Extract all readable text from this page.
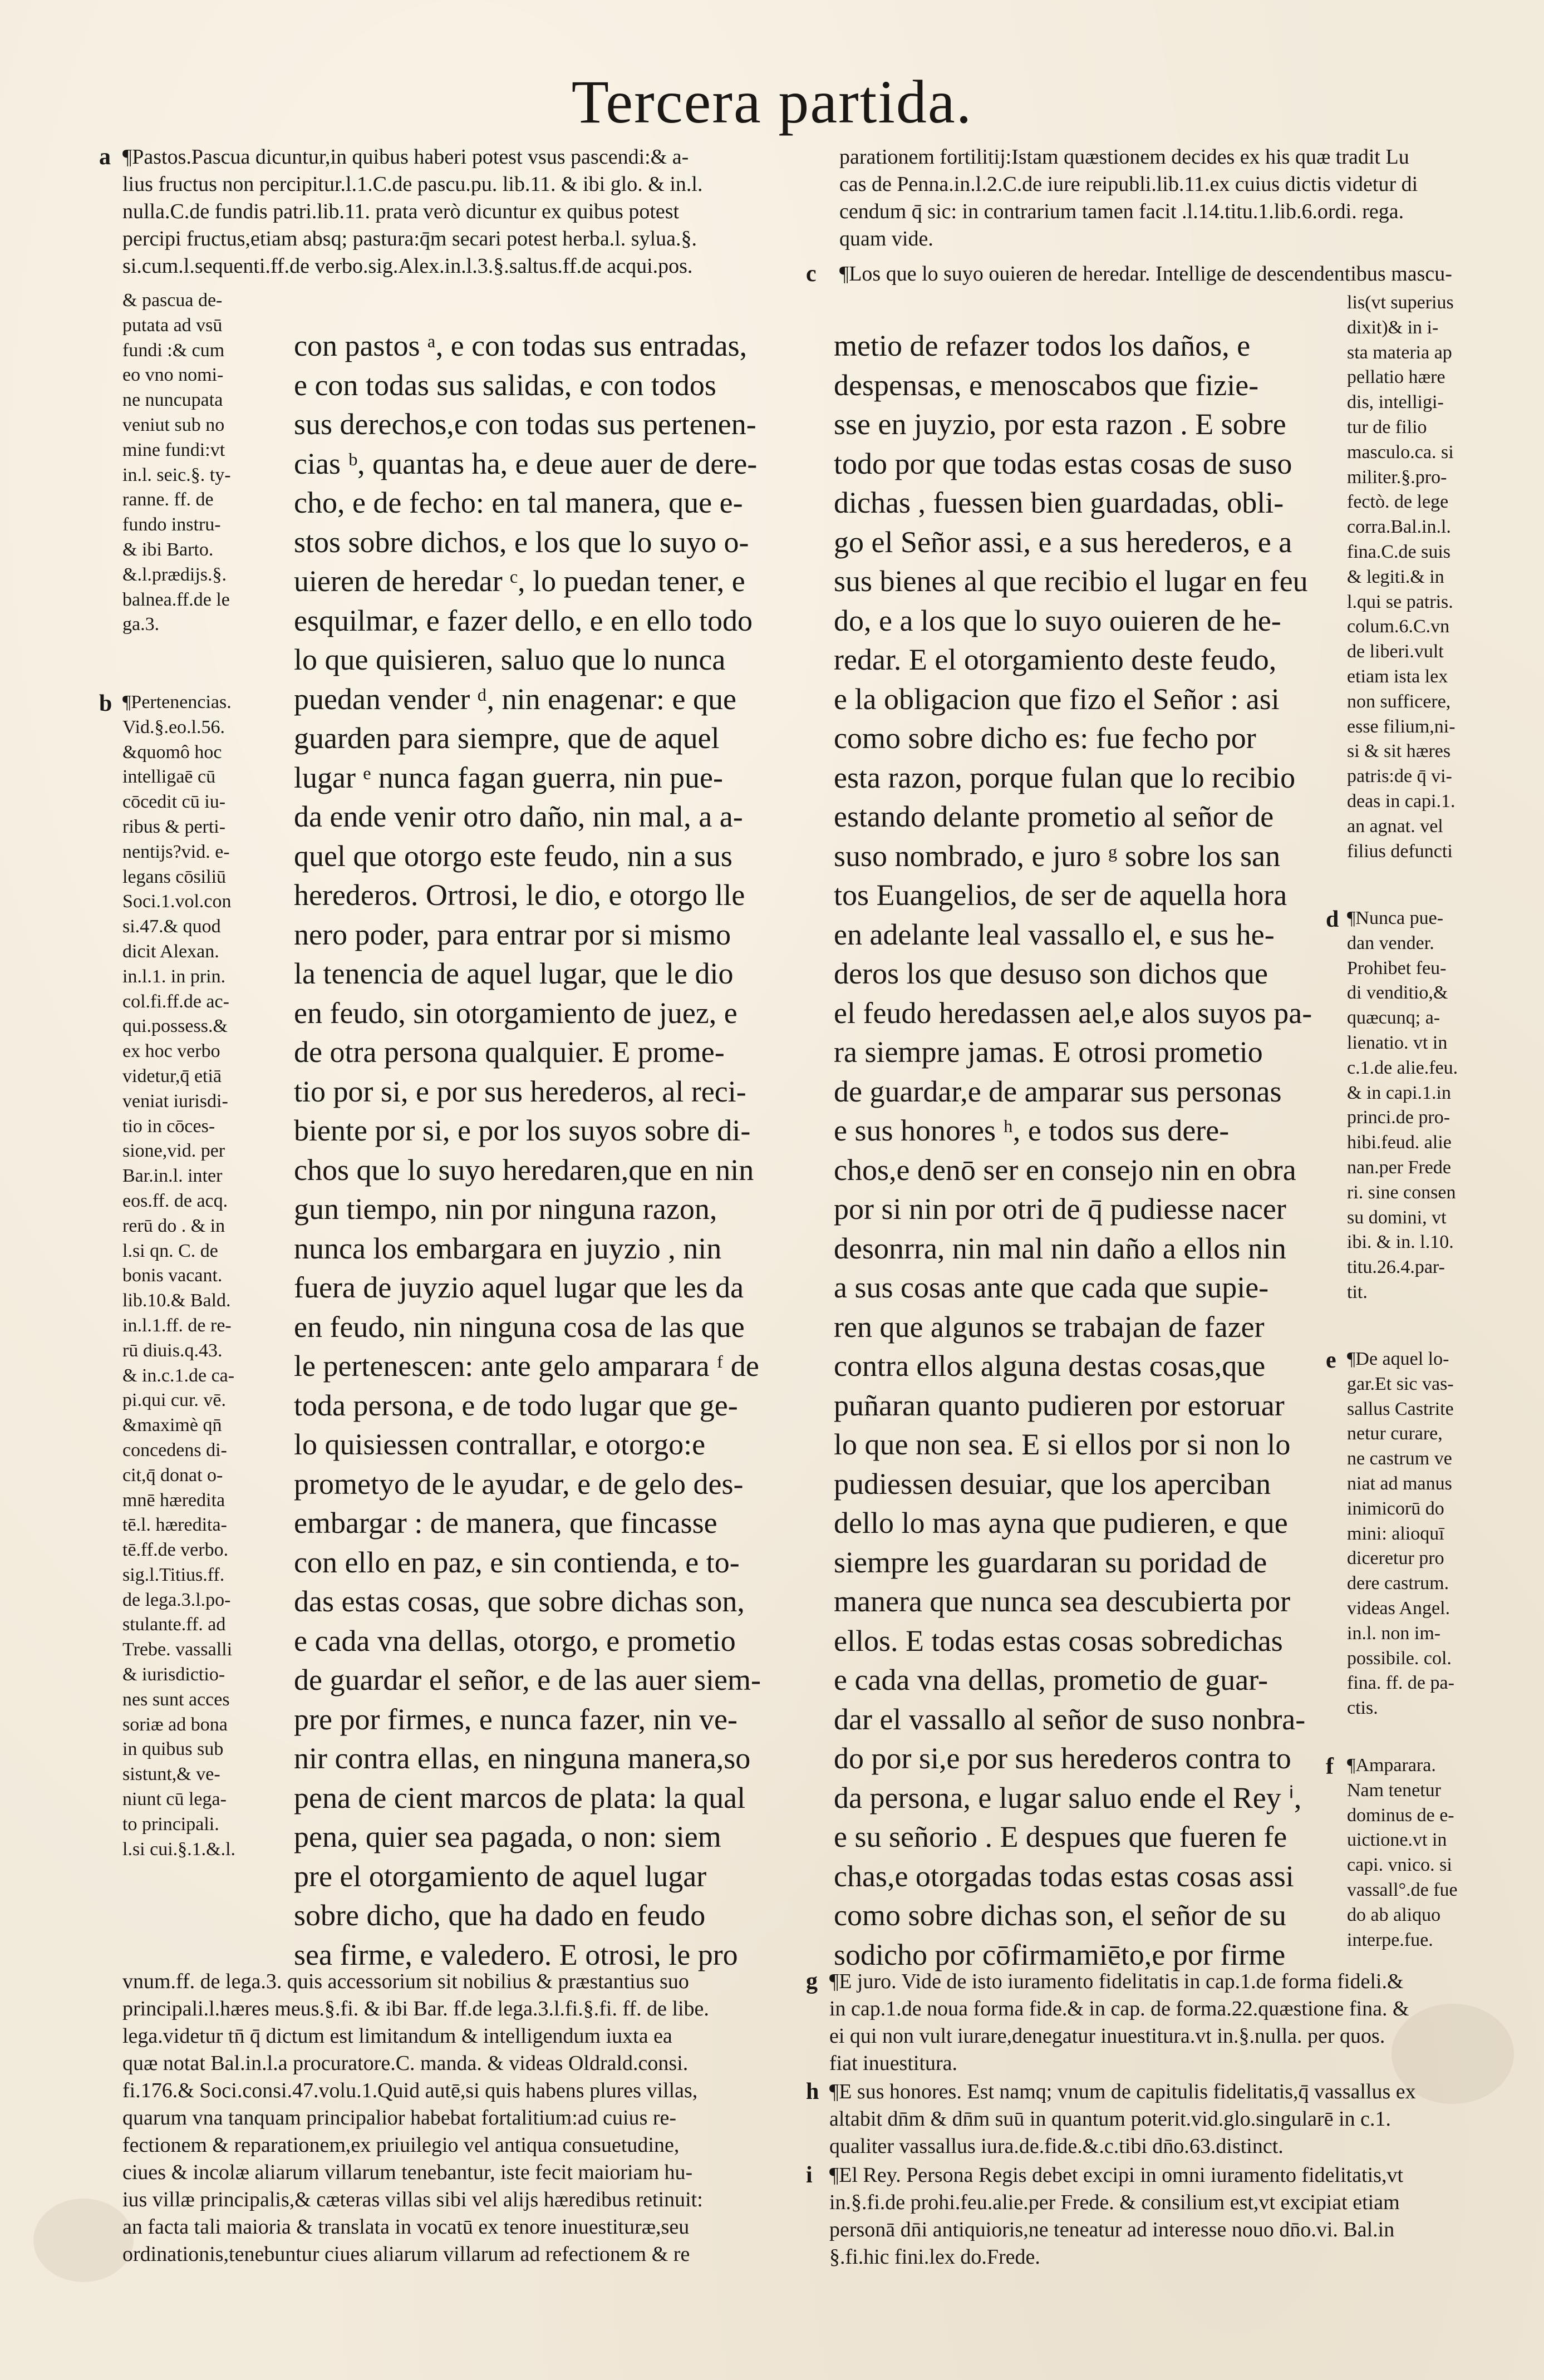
Tercera partida.
a ¶Pastos.Pascua dicuntur,in quibus haberi potest vsus pascendi:& a-
lius fructus non percipitur.l.1.C.de pascu.pu. lib.11. & ibi glo. & in.l.
nulla.C.de fundis patri.lib.11. prata verò dicuntur ex quibus potest
percipi fructus,etiam absq; pastura:q̄m secari potest herba.l. sylua.§.
si.cum.l.sequenti.ff.de verbo.sig.Alex.in.l.3.§.saltus.ff.de acqui.pos.
parationem fortilitij:Istam quæstionem decides ex his quæ tradit Lu
cas de Penna.in.l.2.C.de iure reipubli.lib.11.ex cuius dictis videtur di
cendum q̄ sic: in contrarium tamen facit .l.14.titu.1.lib.6.ordi. rega.
quam vide.
c ¶Los que lo suyo ouieren de heredar. Intellige de descendentibus mascu-
lis(vt superius
dixit)& in i-
sta materia ap
pellatio hære
dis, intelligi-
tur de filio
masculo.ca. si
militer.§.pro-
fectò. de lege
corra.Bal.in.l.
fina.C.de suis
& legiti.& in
l.qui se patris.
colum.6.C.vn
de liberi.vult
etiam ista lex
non sufficere,
esse filium,ni-
si & sit hæres
patris:de q̄ vi-
deas in capi.1.
an agnat. vel
filius defuncti
& pascua de-
putata ad vsū
fundi :& cum
eo vno nomi-
ne nuncupata
veniut sub no
mine fundi:vt
in.l. seic.§. ty-
ranne. ff. de
fundo instru-
& ibi Barto.
&.l.prædijs.§.
balnea.ff.de le
ga.3.
b ¶Pertenencias.
Vid.§.eo.l.56.
&quomô hoc
intelligaē cū
cōcedit cū iu-
ribus & perti-
nentijs?vid. e-
legans cōsiliū
Soci.1.vol.con
si.47.& quod
dicit Alexan.
in.l.1. in prin.
col.fi.ff.de ac-
qui.possess.&
ex hoc verbo
videtur,q̄ etiā
veniat iurisdi-
tio in cōces-
sione,vid. per
Bar.in.l. inter
eos.ff. de acq.
rerū do . & in
l.si qn. C. de
bonis vacant.
lib.10.& Bald.
in.l.1.ff. de re-
rū diuis.q.43.
& in.c.1.de ca-
pi.qui cur. vē.
&maximè qn̄
concedens di-
cit,q̄ donat o-
mnē hæredita
tē.l. hæredita-
tē.ff.de verbo.
sig.l.Titius.ff.
de lega.3.l.po-
stulante.ff. ad
Trebe. vassalli
& iurisdictio-
nes sunt acces
soriæ ad bona
in quibus sub
sistunt,& ve-
niunt cū lega-
to principali.
l.si cui.§.1.&.l.
con pastos ᵃ, e con todas sus entradas,
e con todas sus salidas, e con todos
sus derechos,e con todas sus pertenen-
cias ᵇ, quantas ha, e deue auer de dere-
cho, e de fecho: en tal manera, que e-
stos sobre dichos, e los que lo suyo o-
uieren de heredar ᶜ, lo puedan tener, e
esquilmar, e fazer dello, e en ello todo
lo que quisieren, saluo que lo nunca
puedan vender ᵈ, nin enagenar: e que
guarden para siempre, que de aquel
lugar ᵉ nunca fagan guerra, nin pue-
da ende venir otro daño, nin mal, a a-
quel que otorgo este feudo, nin a sus
herederos. Ortrosi, le dio, e otorgo lle
nero poder, para entrar por si mismo
la tenencia de aquel lugar, que le dio
en feudo, sin otorgamiento de juez, e
de otra persona qualquier. E prome-
tio por si, e por sus herederos, al reci-
biente por si, e por los suyos sobre di-
chos que lo suyo heredaren,que en nin
gun tiempo, nin por ninguna razon,
nunca los embargara en juyzio , nin
fuera de juyzio aquel lugar que les da
en feudo, nin ninguna cosa de las que
le pertenescen: ante gelo amparara ᶠ de
toda persona, e de todo lugar que ge-
lo quisiessen contrallar, e otorgo:e
prometyo de le ayudar, e de gelo des-
embargar : de manera, que fincasse
con ello en paz, e sin contienda, e to-
das estas cosas, que sobre dichas son,
e cada vna dellas, otorgo, e prometio
de guardar el señor, e de las auer siem-
pre por firmes, e nunca fazer, nin ve-
nir contra ellas, en ninguna manera,so
pena de cient marcos de plata: la qual
pena, quier sea pagada, o non: siem
pre el otorgamiento de aquel lugar
sobre dicho, que ha dado en feudo
sea firme, e valedero. E otrosi, le pro
metio de refazer todos los daños, e
despensas, e menoscabos que fizie-
sse en juyzio, por esta razon . E sobre
todo por que todas estas cosas de suso
dichas , fuessen bien guardadas, obli-
go el Señor assi, e a sus herederos, e a
sus bienes al que recibio el lugar en feu
do, e a los que lo suyo ouieren de he-
redar. E el otorgamiento deste feudo,
e la obligacion que fizo el Señor : asi
como sobre dicho es: fue fecho por
esta razon, porque fulan que lo recibio
estando delante prometio al señor de
suso nombrado, e juro ᵍ sobre los san
tos Euangelios, de ser de aquella hora
en adelante leal vassallo el, e sus he-
deros los que desuso son dichos que
el feudo heredassen ael,e alos suyos pa-
ra siempre jamas. E otrosi prometio
de guardar,e de amparar sus personas
e sus honores ʰ, e todos sus dere-
chos,e denō ser en consejo nin en obra
por si nin por otri de q̄ pudiesse nacer
desonrra, nin mal nin daño a ellos nin
a sus cosas ante que cada que supie-
ren que algunos se trabajan de fazer
contra ellos alguna destas cosas,que
puñaran quanto pudieren por estoruar
lo que non sea. E si ellos por si non lo
pudiessen desuiar, que los aperciban
dello lo mas ayna que pudieren, e que
siempre les guardaran su poridad de
manera que nunca sea descubierta por
ellos. E todas estas cosas sobredichas
e cada vna dellas, prometio de guar-
dar el vassallo al señor de suso nonbra-
do por si,e por sus herederos contra to
da persona, e lugar saluo ende el Rey ⁱ,
e su señorio . E despues que fueren fe
chas,e otorgadas todas estas cosas assi
como sobre dichas son, el señor de su
sodicho por cōfirmamiēto,e por firme
d ¶Nunca pue-
dan vender.
Prohibet feu-
di venditio,&
quæcunq; a-
lienatio. vt in
c.1.de alie.feu.
& in capi.1.in
princi.de pro-
hibi.feud. alie
nan.per Frede
ri. sine consen
su domini, vt
ibi. & in. l.10.
titu.26.4.par-
tit.
e ¶De aquel lo-
gar.Et sic vas-
sallus Castrite
netur curare,
ne castrum ve
niat ad manus
inimicorū do
mini: alioquī
diceretur pro
dere castrum.
videas Angel.
in.l. non im-
possibile. col.
fina. ff. de pa-
ctis.
f ¶Amparara.
Nam tenetur
dominus de e-
uictione.vt in
capi. vnico. si
vassall°.de fue
do ab aliquo
interpe.fue.
vnum.ff. de lega.3. quis accessorium sit nobilius & præstantius suo
principali.l.hæres meus.§.fi. & ibi Bar. ff.de lega.3.l.fi.§.fi. ff. de libe.
lega.videtur tn̄ q̄ dictum est limitandum & intelligendum iuxta ea
quæ notat Bal.in.l.a procuratore.C. manda. & videas Oldrald.consi.
fi.176.& Soci.consi.47.volu.1.Quid autē,si quis habens plures villas,
quarum vna tanquam principalior habebat fortalitium:ad cuius re-
fectionem & reparationem,ex priuilegio vel antiqua consuetudine,
ciues & incolæ aliarum villarum tenebantur, iste fecit maioriam hu-
ius villæ principalis,& cæteras villas sibi vel alijs hæredibus retinuit:
an facta tali maioria & translata in vocatū ex tenore inuestituræ,seu
ordinationis,tenebuntur ciues aliarum villarum ad refectionem & re
g ¶E juro. Vide de isto iuramento fidelitatis in cap.1.de forma fideli.&
in cap.1.de noua forma fide.& in cap. de forma.22.quæstione fina. &
ei qui non vult iurare,denegatur inuestitura.vt in.§.nulla. per quos.
fiat inuestitura.
h ¶E sus honores. Est namq; vnum de capitulis fidelitatis,q̄ vassallus ex
altabit dn̄m & dn̄m suū in quantum poterit.vid.glo.singularē in c.1.
qualiter vassallus iura.de.fide.&.c.tibi dn̄o.63.distinct.
i ¶El Rey. Persona Regis debet excipi in omni iuramento fidelitatis,vt
in.§.fi.de prohi.feu.alie.per Frede. & consilium est,vt excipiat etiam
personā dn̄i antiquioris,ne teneatur ad interesse nouo dn̄o.vi. Bal.in
§.fi.hic fini.lex do.Frede.
